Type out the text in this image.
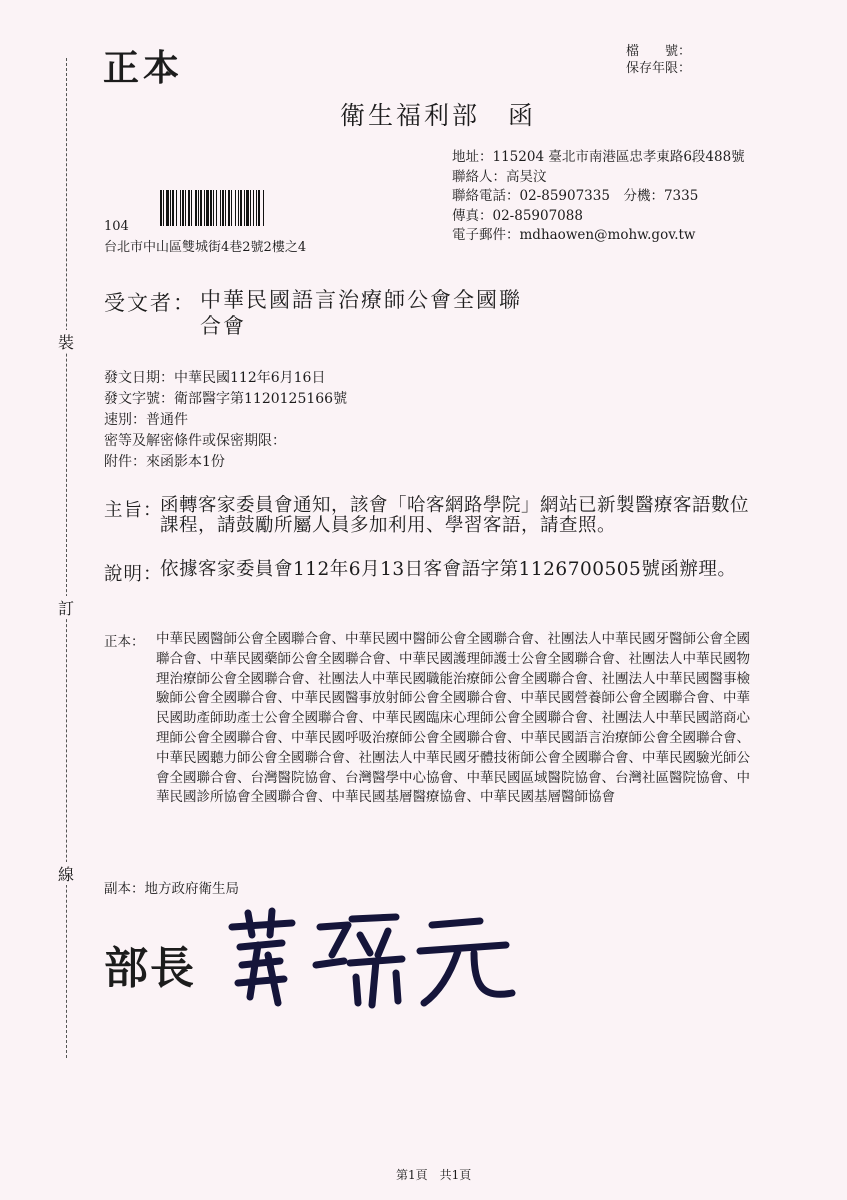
裝
訂
線
正本	檔　　號：
保存年限：
衛生福利部　函
地址：115204 臺北市南港區忠孝東路6段488號
聯絡人：高昊汶
聯絡電話：02-85907335　分機：7335
傳真：02-85907088
電子郵件：mdhaowen@mohw.gov.tw
104
台北市中山區雙城街4巷2號2樓之4
受文者： 中華民國語言治療師公會全國聯合會
發文日期：中華民國112年6月16日
發文字號：衛部醫字第1120125166號
速別：普通件
密等及解密條件或保密期限：
附件：來函影本1份
主旨：
函轉客家委員會通知，該會「哈客網路學院」網站已新製醫療客語數位課程，請鼓勵所屬人員多加利用、學習客語，請查照。
說明：
依據客家委員會112年6月13日客會語字第1126700505號函辦理。
正本： 中華民國醫師公會全國聯合會、中華民國中醫師公會全國聯合會、社團法人中華民國牙醫師公會全國聯合會、中華民國藥師公會全國聯合會、中華民國護理師護士公會全國聯合會、社團法人中華民國物理治療師公會全國聯合會、社團法人中華民國職能治療師公會全國聯合會、社團法人中華民國醫事檢驗師公會全國聯合會、中華民國醫事放射師公會全國聯合會、中華民國營養師公會全國聯合會、中華民國助產師助產士公會全國聯合會、中華民國臨床心理師公會全國聯合會、社團法人中華民國諮商心理師公會全國聯合會、中華民國呼吸治療師公會全國聯合會、中華民國語言治療師公會全國聯合會、中華民國聽力師公會全國聯合會、社團法人中華民國牙體技術師公會全國聯合會、中華民國驗光師公會全國聯合會、台灣醫院協會、台灣醫學中心協會、中華民國區域醫院協會、台灣社區醫院協會、中華民國診所協會全國聯合會、中華民國基層醫療協會、中華民國基層醫師協會
副本：地方政府衛生局
部長
第1頁　共1頁
